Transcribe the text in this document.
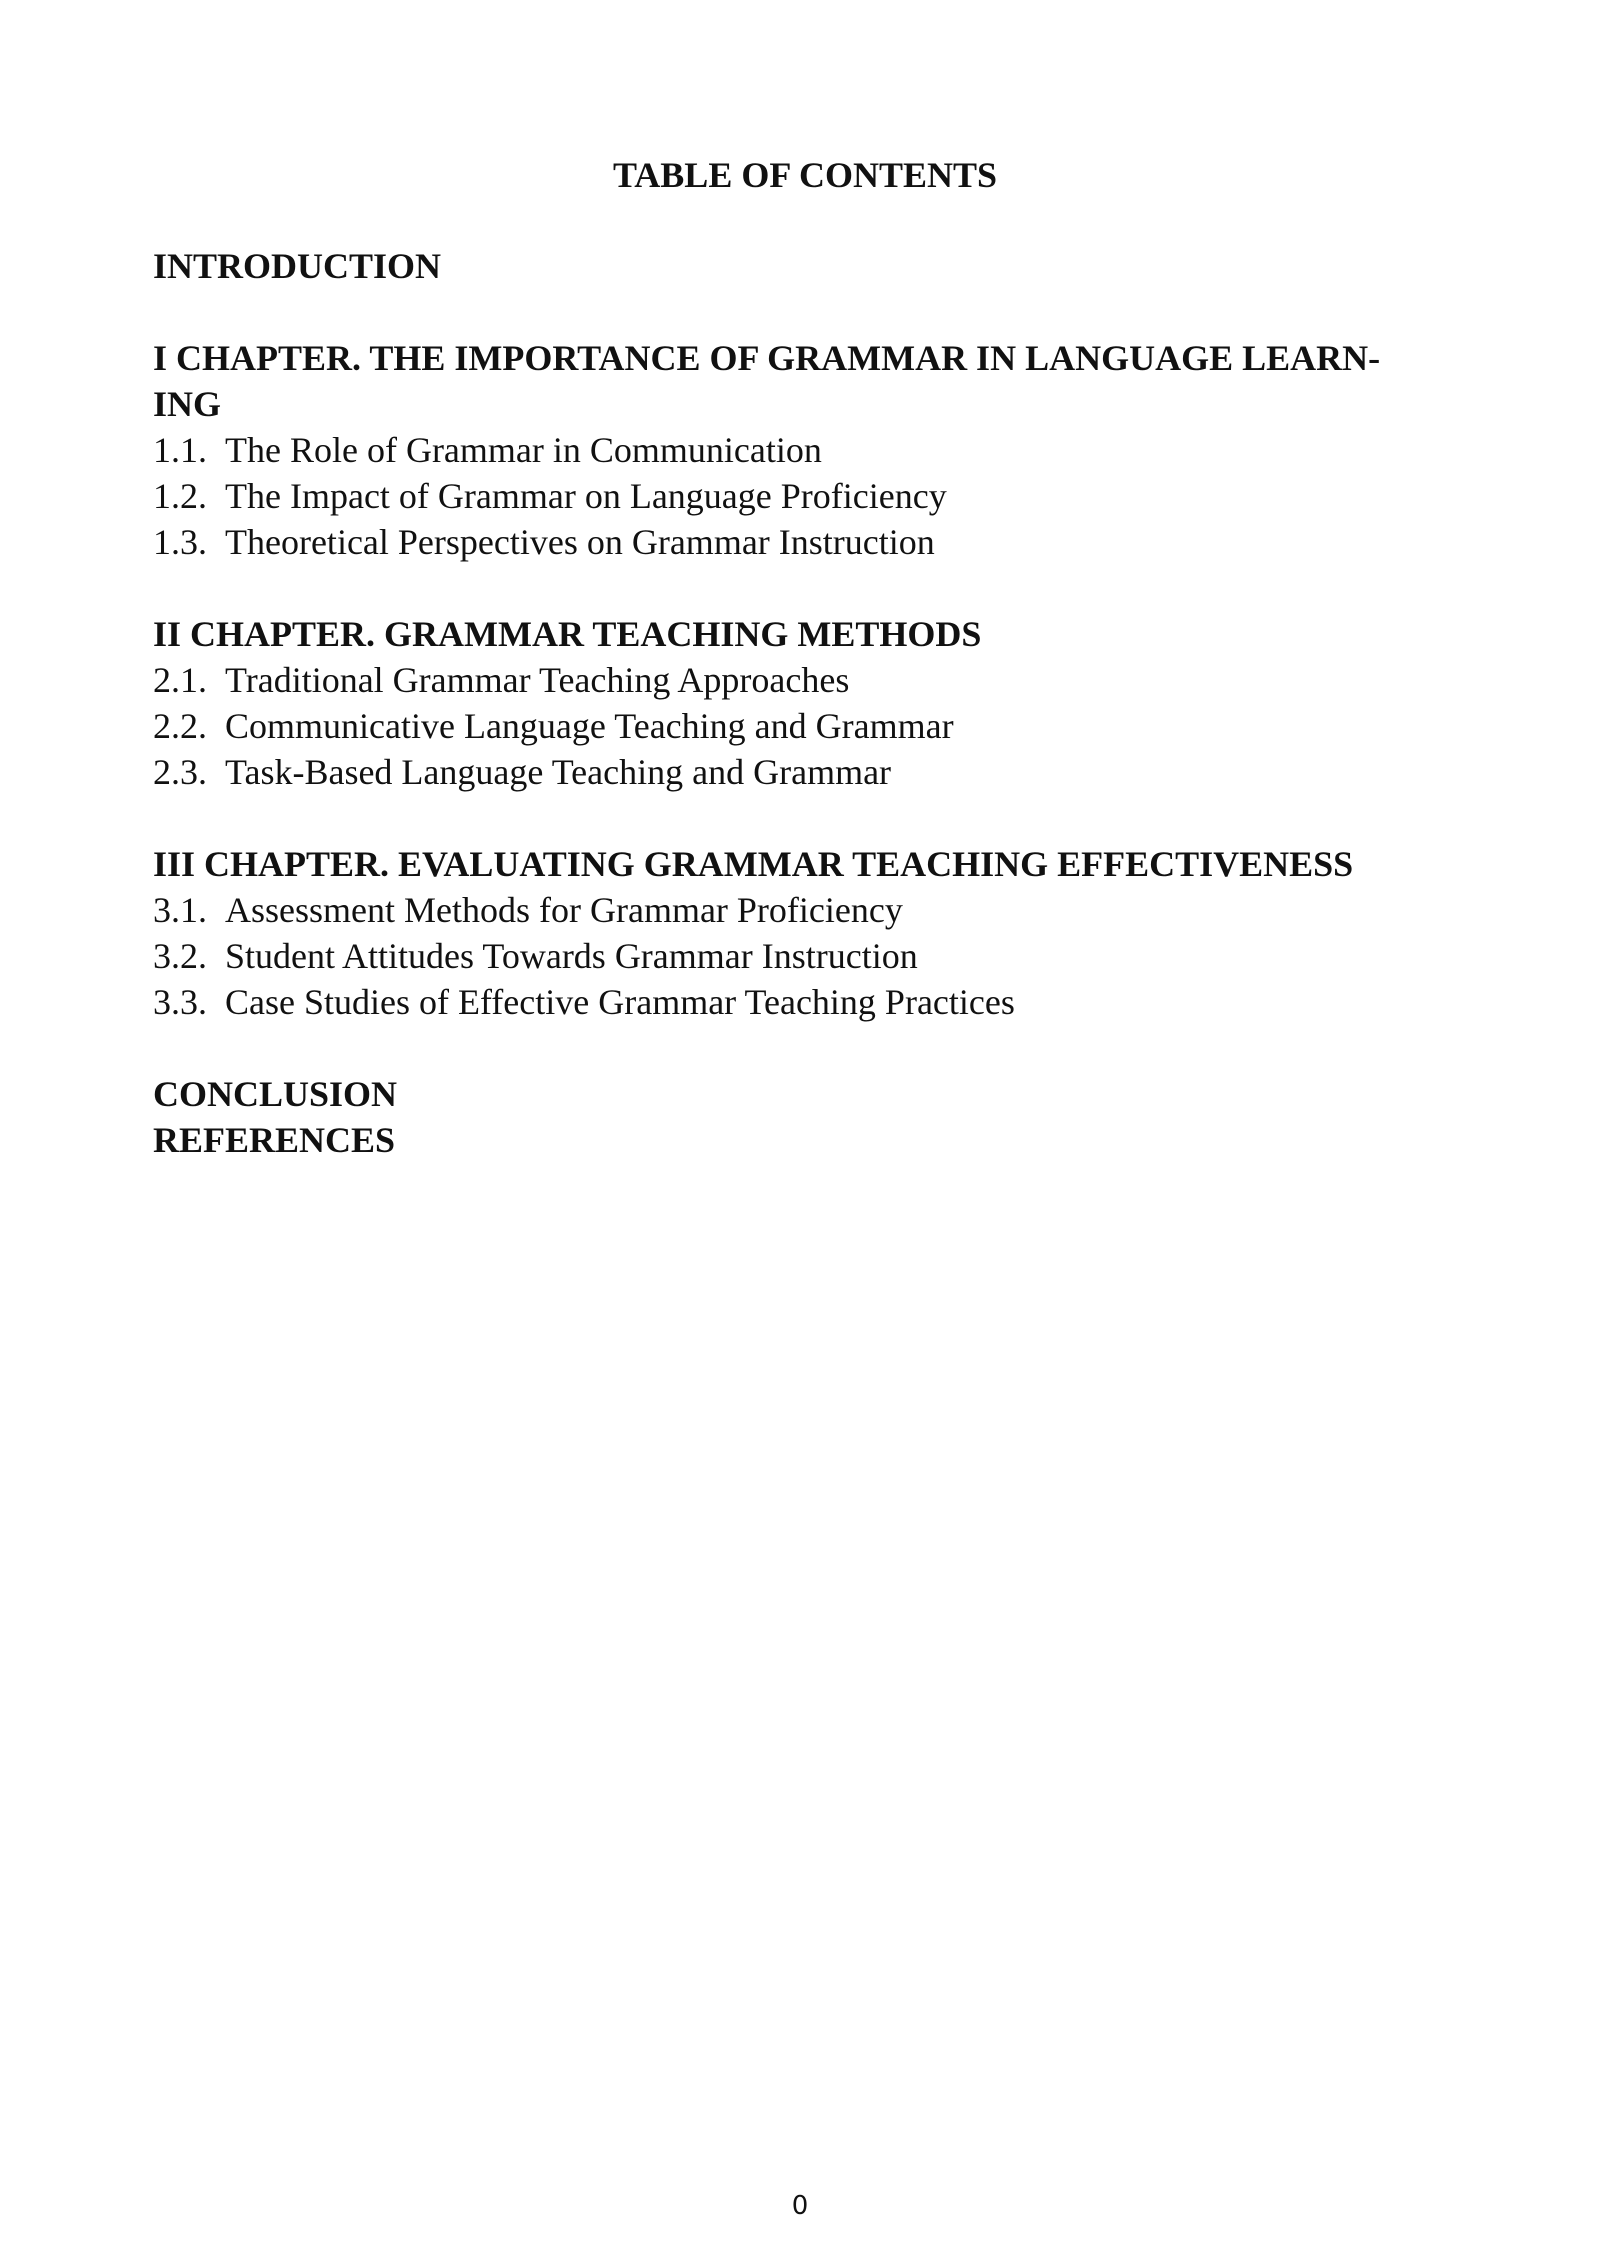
TABLE OF CONTENTS

INTRODUCTION

I CHAPTER. THE IMPORTANCE OF GRAMMAR IN LANGUAGE LEARN-

ING

1.1. The Role of Grammar in Communication

1.2. The Impact of Grammar on Language Proficiency

1.3. Theoretical Perspectives on Grammar Instruction

II CHAPTER. GRAMMAR TEACHING METHODS

2.1. Traditional Grammar Teaching Approaches

2.2. Communicative Language Teaching and Grammar

2.3. Task-Based Language Teaching and Grammar

III CHAPTER. EVALUATING GRAMMAR TEACHING EFFECTIVENESS

3.1. Assessment Methods for Grammar Proficiency

3.2. Student Attitudes Towards Grammar Instruction

3.3. Case Studies of Effective Grammar Teaching Practices

CONCLUSION

REFERENCES

0
